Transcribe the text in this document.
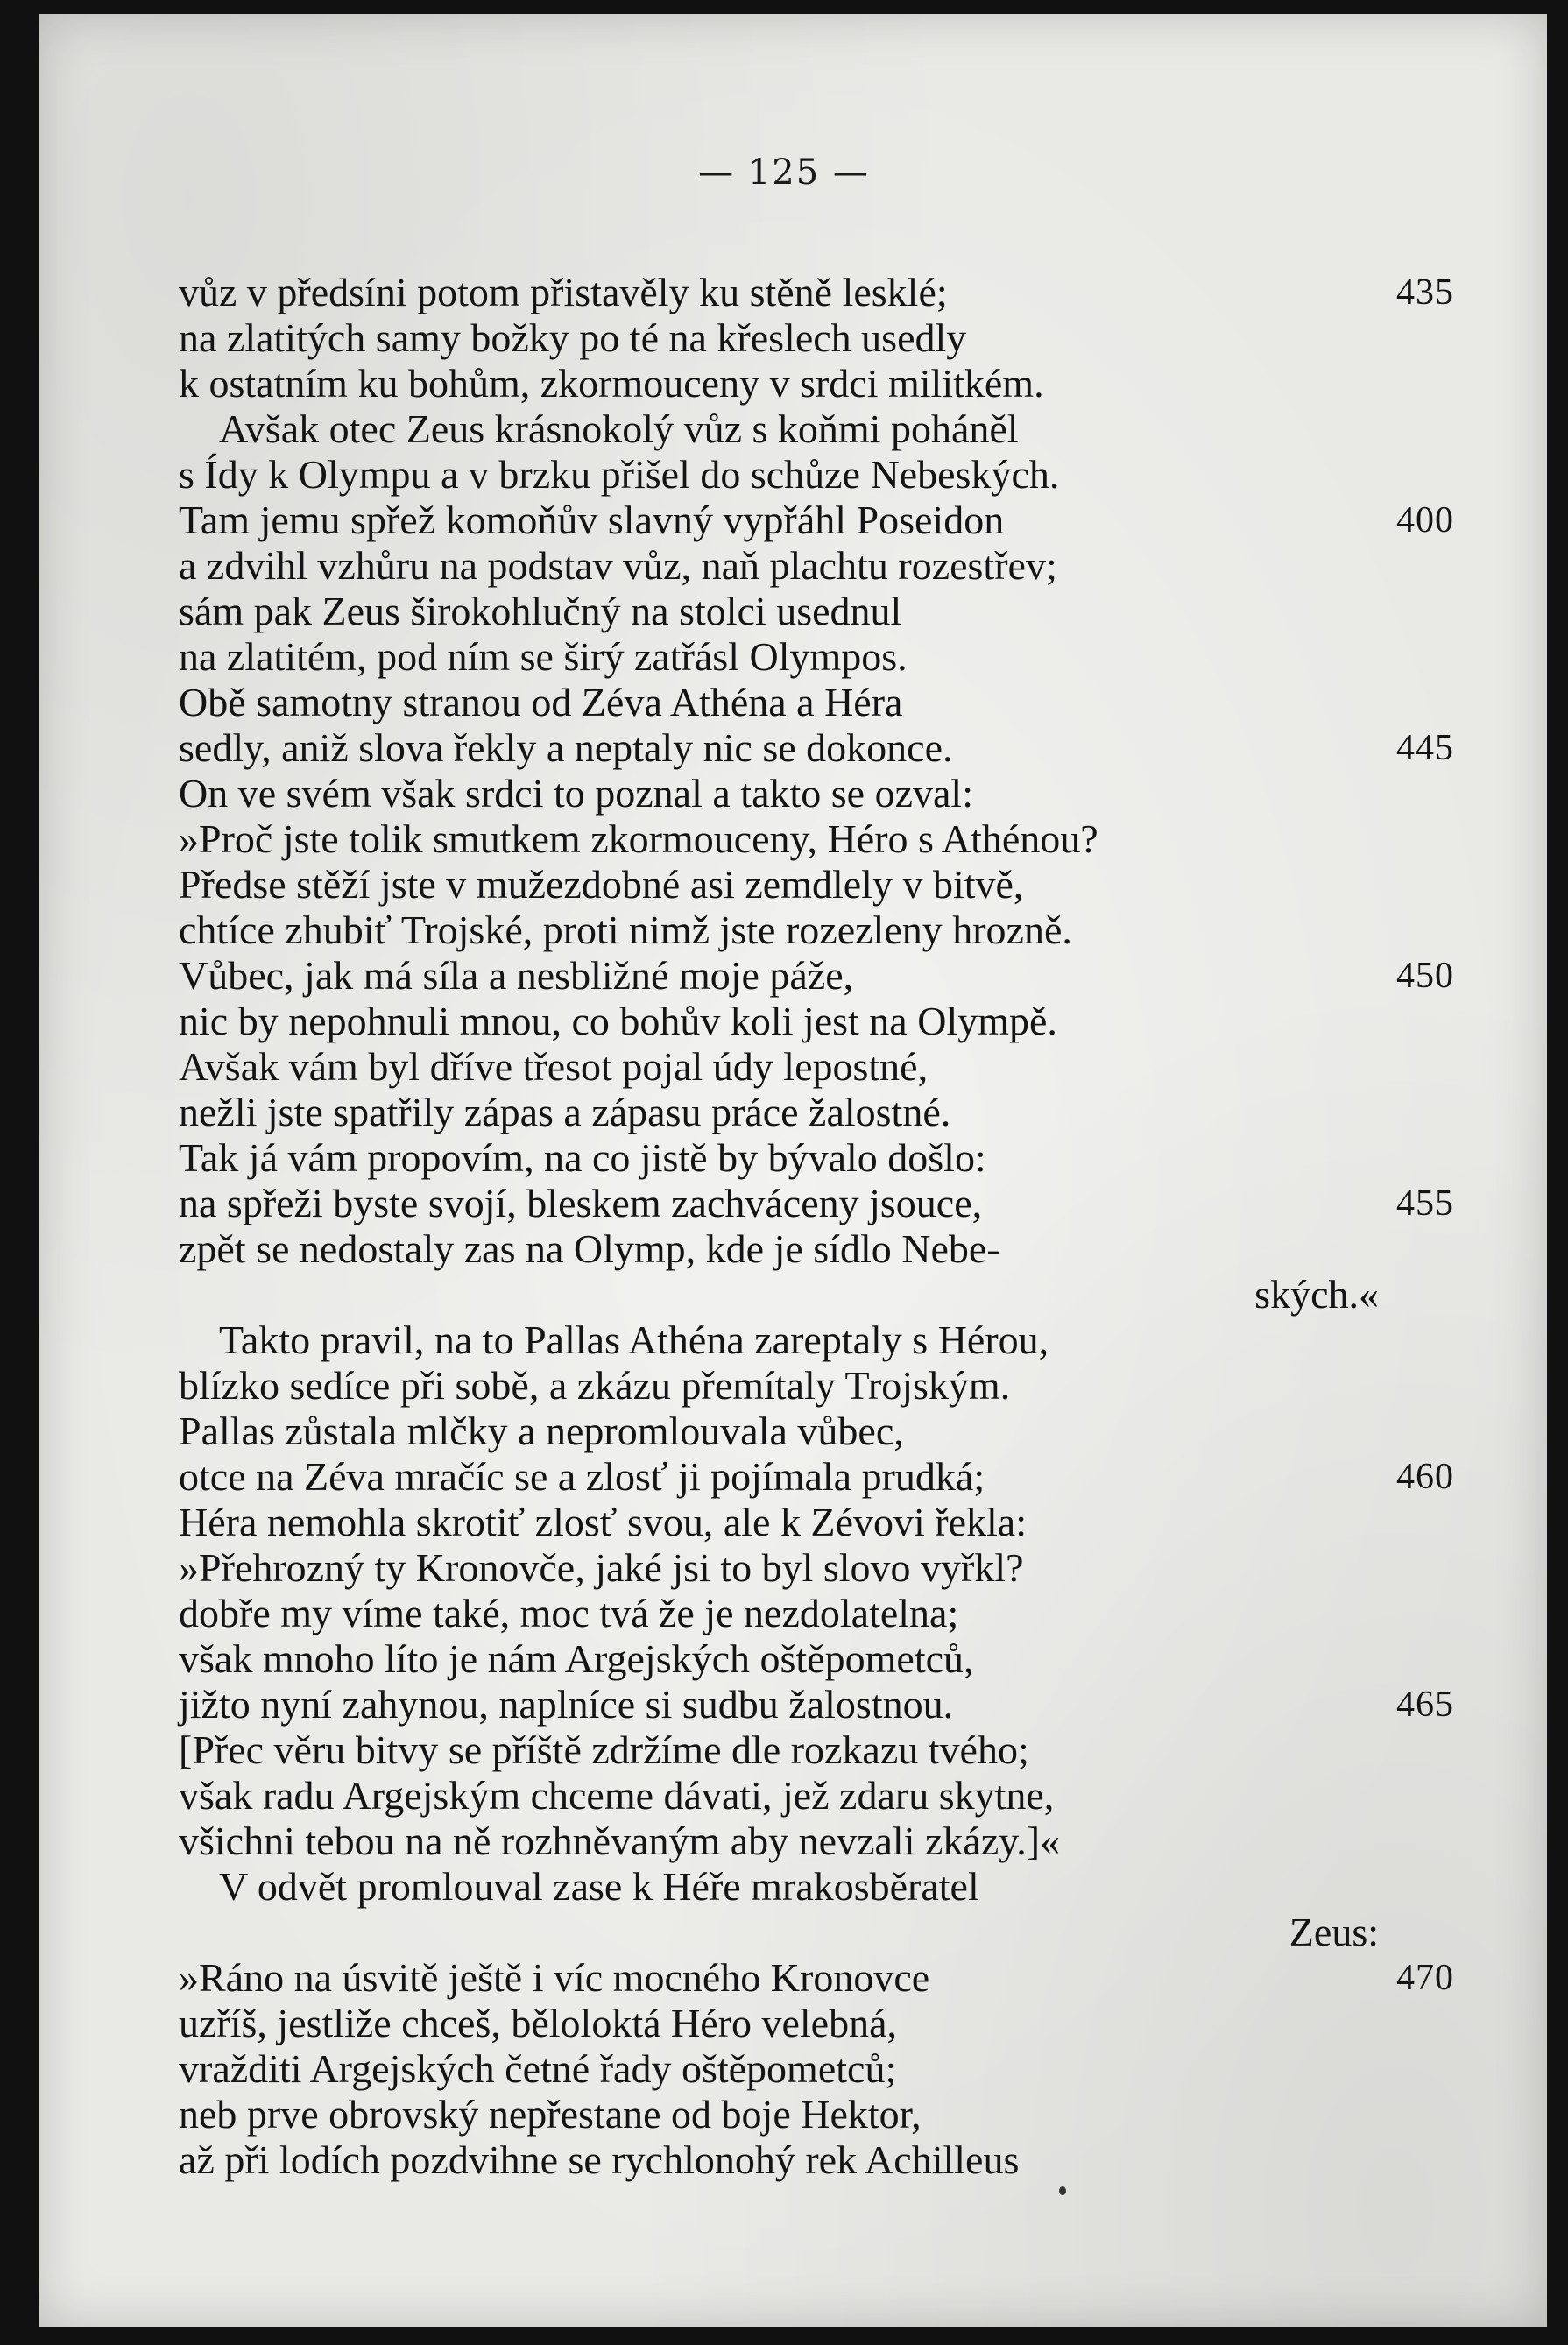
— 125 —
vůz v předsíni potom přistavěly ku stěně lesklé;	435
na zlatitých samy božky po té na křeslech usedly
k ostatním ku bohům, zkormouceny v srdci militkém.
Avšak otec Zeus krásnokolý vůz s koňmi poháněl
s Ídy k Olympu a v brzku přišel do schůze Nebeských.
Tam jemu spřež komoňův slavný vypřáhl Poseidon	400
a zdvihl vzhůru na podstav vůz, naň plachtu rozestřev;
sám pak Zeus širokohlučný na stolci usednul
na zlatitém, pod ním se širý zatřásl Olympos.
Obě samotny stranou od Zéva Athéna a Héra
sedly, aniž slova řekly a neptaly nic se dokonce.	445
On ve svém však srdci to poznal a takto se ozval:
»Proč jste tolik smutkem zkormouceny, Héro s Athénou?
Předse stěží jste v mužezdobné asi zemdlely v bitvě,
chtíce zhubiť Trojské, proti nimž jste rozezleny hrozně.
Vůbec, jak má síla a nesbližné moje páže,	450
nic by nepohnuli mnou, co bohův koli jest na Olympě.
Avšak vám byl dříve třesot pojal údy lepostné,
nežli jste spatřily zápas a zápasu práce žalostné.
Tak já vám propovím, na co jistě by bývalo došlo:
na spřeži byste svojí, bleskem zachváceny jsouce,	455
zpět se nedostaly zas na Olymp, kde je sídlo Nebe-
ských.«
Takto pravil, na to Pallas Athéna zareptaly s Hérou,
blízko sedíce při sobě, a zkázu přemítaly Trojským.
Pallas zůstala mlčky a nepromlouvala vůbec,
otce na Zéva mračíc se a zlosť ji pojímala prudká;	460
Héra nemohla skrotiť zlosť svou, ale k Zévovi řekla:
»Přehrozný ty Kronovče, jaké jsi to byl slovo vyřkl?
dobře my víme také, moc tvá že je nezdolatelna;
však mnoho líto je nám Argejských oštěpometců,
jižto nyní zahynou, naplníce si sudbu žalostnou.	465
[Přec věru bitvy se příště zdržíme dle rozkazu tvého;
však radu Argejským chceme dávati, jež zdaru skytne,
všichni tebou na ně rozhněvaným aby nevzali zkázy.]«
V odvět promlouval zase k Héře mrakosběratel
Zeus:
»Ráno na úsvitě ještě i víc mocného Kronovce	470
uzříš, jestliže chceš, běloloktá Héro velebná,
vražditi Argejských četné řady oštěpometců;
neb prve obrovský nepřestane od boje Hektor,
až při lodích pozdvihne se rychlonohý rek Achilleus
